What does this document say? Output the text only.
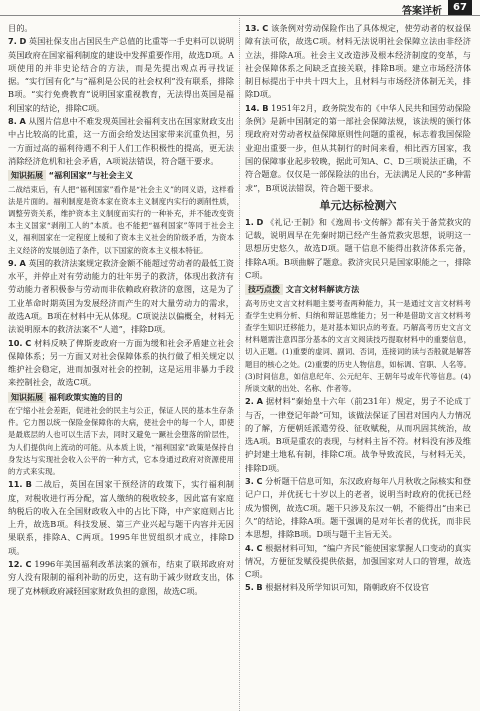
答案详析	67

目的。

7. D 英国社保支出占国民生产总值的比重等一手史料可以说明英国政府在国家福利制度的建设中发挥重要作用，故选D项。A项使用的并非史论结合的方法，而是先提出观点再寻找证据。“实行国有化”与“福利是公民的社会权利”没有联系，排除B项。“实行免费教育”说明国家重视教育，无法得出英国是福利国家的结论，排除C项。

8. A 从图片信息中不难发现英国社会福利支出在国家财政支出中占比较高的比重，这一方面会给发达国家带来沉重负担，另一方面过高的福利待遇不利于人们工作积极性的提高，更无法消除经济危机和社会矛盾，A项说法错误，符合题干要求。

知识拓展 “福利国家”与社会主义

二战结束后，有人把“福利国家”看作是“社会主义”的同义语，这样看法是片面的。福利制度是资本家在资本主义制度内实行的剥削性质，调整劳资关系，维护资本主义制度而实行的一种补充，并不能改变资本主义国家“剥削工人的”本质。也不能把“福利国家”等同于社会主义，福利国家在一定程度上缓和了资本主义社会的阶级矛盾，为资本主义经济的发展创造了条件，以下国家的资本主义根本特征。

9. A 英国的救济法案规定救济金额不能超过劳动者的最低工资水平，并停止对有劳动能力的壮年男子的救济，体现出救济有劳动能力者积极参与劳动而非依赖政府救济的意图，这是为了工业革命时期英国为发展经济而产生的对大量劳动力的需求，故选A项。B项在材料中无从体现。C项说法以偏概全，材料无法说明原本的救济法案不“人道”，排除D项。

10. C 材料反映了俾斯麦政府一方面为缓和社会矛盾建立社会保障体系；另一方面又对社会保障体系的执行做了相关规定以维护社会稳定，进而加强对社会的控制，这是运用非暴力手段来控制社会，故选C项。

知识拓展 福利政策实施的目的

在宁缩小社会差距，促进社会的民主与公正，保证人民的基本生存条件。它力图以统一保险金保障你的大病，使社会中的每一个人，即使是最底层的人也可以生活下去，同时又避免一蹶社会堕落的阶层性，为人们提供向上流动的可能。从本质上说，“福利国家”政策是保持自身发达与实现社会收入公平的一种方式，它本身通过政府对资源使用的方式来实现。

11. B 二战后，英国在国家干预经济的政策下，实行福利制度，对税收进行再分配，富人缴纳的税收较多，因此富有家庭纳税后的收入在全国财政收入中的占比下降，中产家庭则占比上升，故选B项。科技发展、第三产业兴起与题干内容并无因果联系，排除A、C两项。1995年世贸组织才成立，排除D项。

12. C 1996年美国福利改革法案的颁布，结束了联邦政府对穷人没有限制的福利补助的历史，这有助于减少财政支出，体现了克林顿政府减轻国家财政负担的意图，故选C项。

13. C 该条例对劳动保险作出了具体规定，使劳动者的权益保障有法可依，故选C项。材料无法说明社会保障立法由非经济立法，排除A项。社会主义改造涉及根本经济制度的变革，与社会保障体系之间缺乏直接关联，排除B项。建立市场经济体制目标提出于中共十四大上，且材料与市场经济体制无关，排除D项。

14. B 1951年2月，政务院发布的《中华人民共和国劳动保险条例》是新中国制定的第一部社会保障法规，该法规的颁行体现政府对劳动者权益保障原则性问题的重视，标志着我国保险业迎出重要一步，但从其制行的时间来看，相比西方国家，我国的保障事业起步较晚，据此可知A、C、D三项说法正确，不符合题意。仅仅是一部保险法的出台，无法满足人民的“多种需求”，B项说法错误，符合题干要求。

单元达标检测六

1. D 《礼记·王制》和《逸周书·文传解》都有关于备荒救灾的记载，说明周早在先秦时期已经产生备荒救灾思想，说明这一思想历史悠久，故选D项。题干信息不能得出救济体系完备，排除A项。B项曲解了题意。救济灾民只是国家职能之一，排除C项。

技巧点拨 文言文材料解读方法

高考历史文言文材料题主要考查两种能力，其一是通过文言文材料考查学生史料分析、归纳和辩证思维能力；另一种是借助文言文材料考查学生知识迁移能力，是对基本知识点的考查。巧解高考历史文言文材料题需注意四部分基本的文言文阅读技巧提取材料中的重要信息，切入正题。(1)重要的虚词、副词、否词，连接词的读与否般就是解答题目的核心之处。(2)重要的历史人物信息，如标调、官职、人名等。(3)时间信息，如信息纪年、公元纪年、王朝年号或年代等信息。(4)所谈文献的出处、名称、作者等。

2. A 据材料“秦始皇十六年（前231年）规定，男子不论成丁与否，一律登记年龄”可知，该做法保证了国君对国内人力情况的了解，方便朝廷派遣劳役、征收赋税，从而巩固其统治，故选A项。B项是重农的表现，与材料主旨不符。材料没有涉及维护封建土地私有制，排除C项。战争导致流民，与材料无关，排除D项。

3. C 分析题干信息可知，东汉政府每年八月秋收之际核实和登记户口，并优抚七十岁以上的老者，说明当时政府的优抚已经成为惯例，故选C项。题干只涉及东汉一朝，不能得出“由来已久”的结论，排除A项。题干强调的是对年长者的优抚，而非民本思想，排除B项。D项与题干主旨无关。

4. C 根据材料可知，“编户齐民”能使国家掌握人口变动的真实情况，方便征发赋役提供依据，加强国家对人口的管理，故选C项。

5. B 根据材料及所学知识可知，隋朝政府不仅设官
